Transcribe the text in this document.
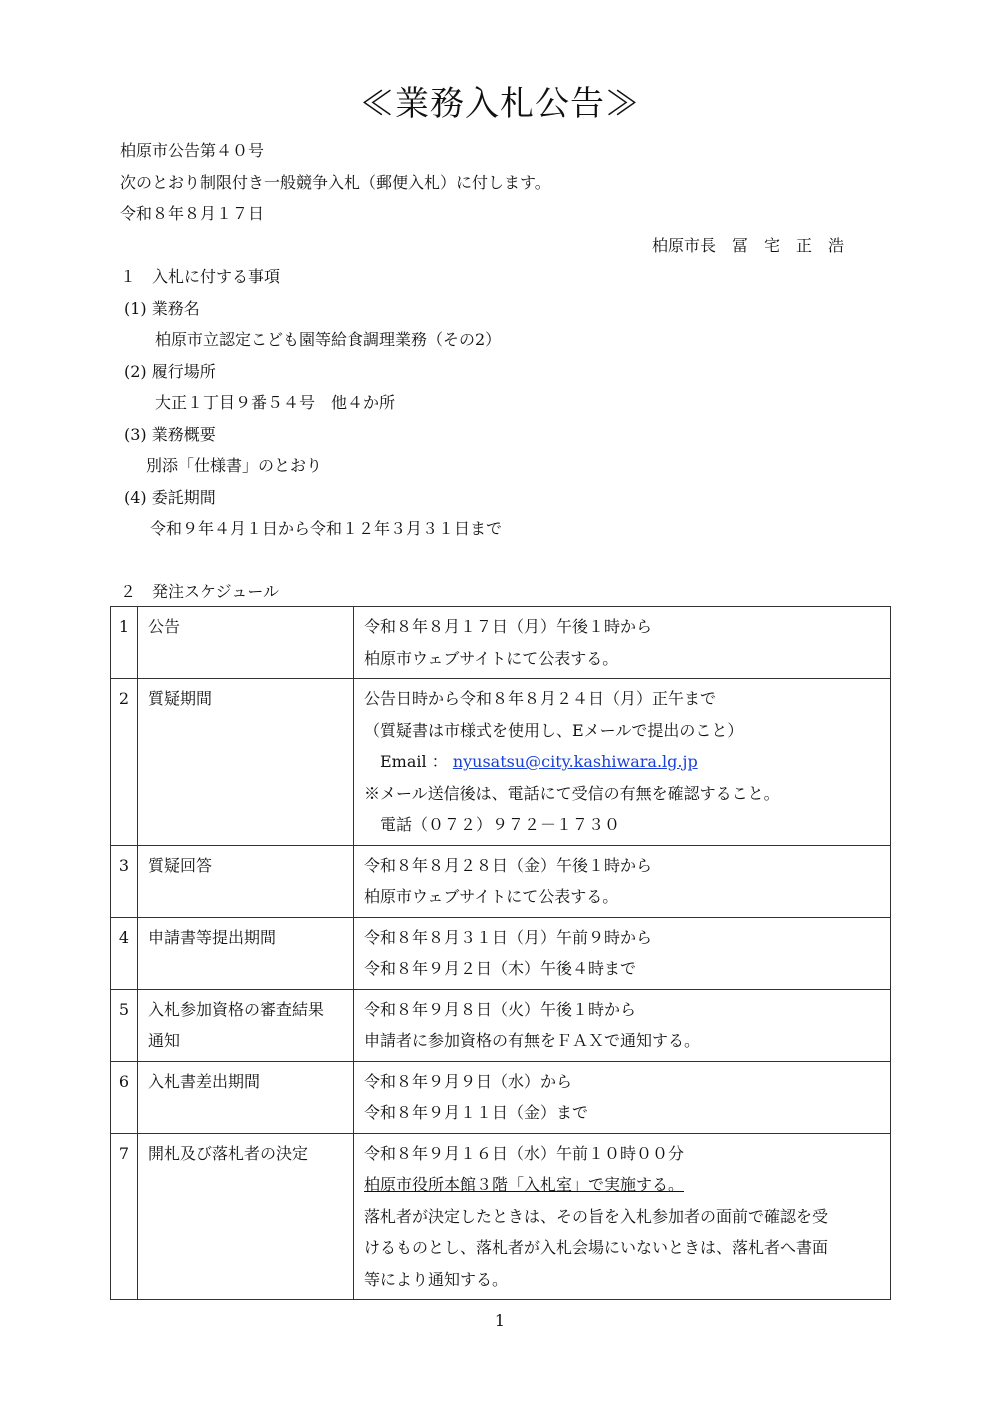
≪業務入札公告≫
柏原市公告第４０号
次のとおり制限付き一般競争入札（郵便入札）に付します。
令和８年８月１７日
柏原市長　冨　宅　正　浩
１　入札に付する事項
(1) 業務名
柏原市立認定こども園等給食調理業務（その2）
(2) 履行場所
大正１丁目９番５４号　他４か所
(3) 業務概要
別添「仕様書」のとおり
(4) 委託期間
令和９年４月１日から令和１２年３月３１日まで
２　発注スケジュール
1	公告	令和８年８月１７日（月）午後１時から
柏原市ウェブサイトにて公表する。

2	質疑期間	公告日時から令和８年８月２４日（月）正午まで
（質疑書は市様式を使用し、Eメールで提出のこと）
Email ： nyusatsu@city.kashiwara.lg.jp
※メール送信後は、電話にて受信の有無を確認すること。
電話（０７２）９７２－１７３０

3	質疑回答	令和８年８月２８日（金）午後１時から
柏原市ウェブサイトにて公表する。

4	申請書等提出期間	令和８年８月３１日（月）午前９時から
令和８年９月２日（木）午後４時まで

5	入札参加資格の審査結果
通知	令和８年９月８日（火）午後１時から
申請者に参加資格の有無をＦＡＸで通知する。

6	入札書差出期間	令和８年９月９日（水）から
令和８年９月１１日（金）まで

7	開札及び落札者の決定	令和８年９月１６日（水）午前１０時００分
柏原市役所本館３階「入札室」で実施する。
落札者が決定したときは、その旨を入札参加者の面前で確認を受
けるものとし、落札者が入札会場にいないときは、落札者へ書面
等により通知する。
1
